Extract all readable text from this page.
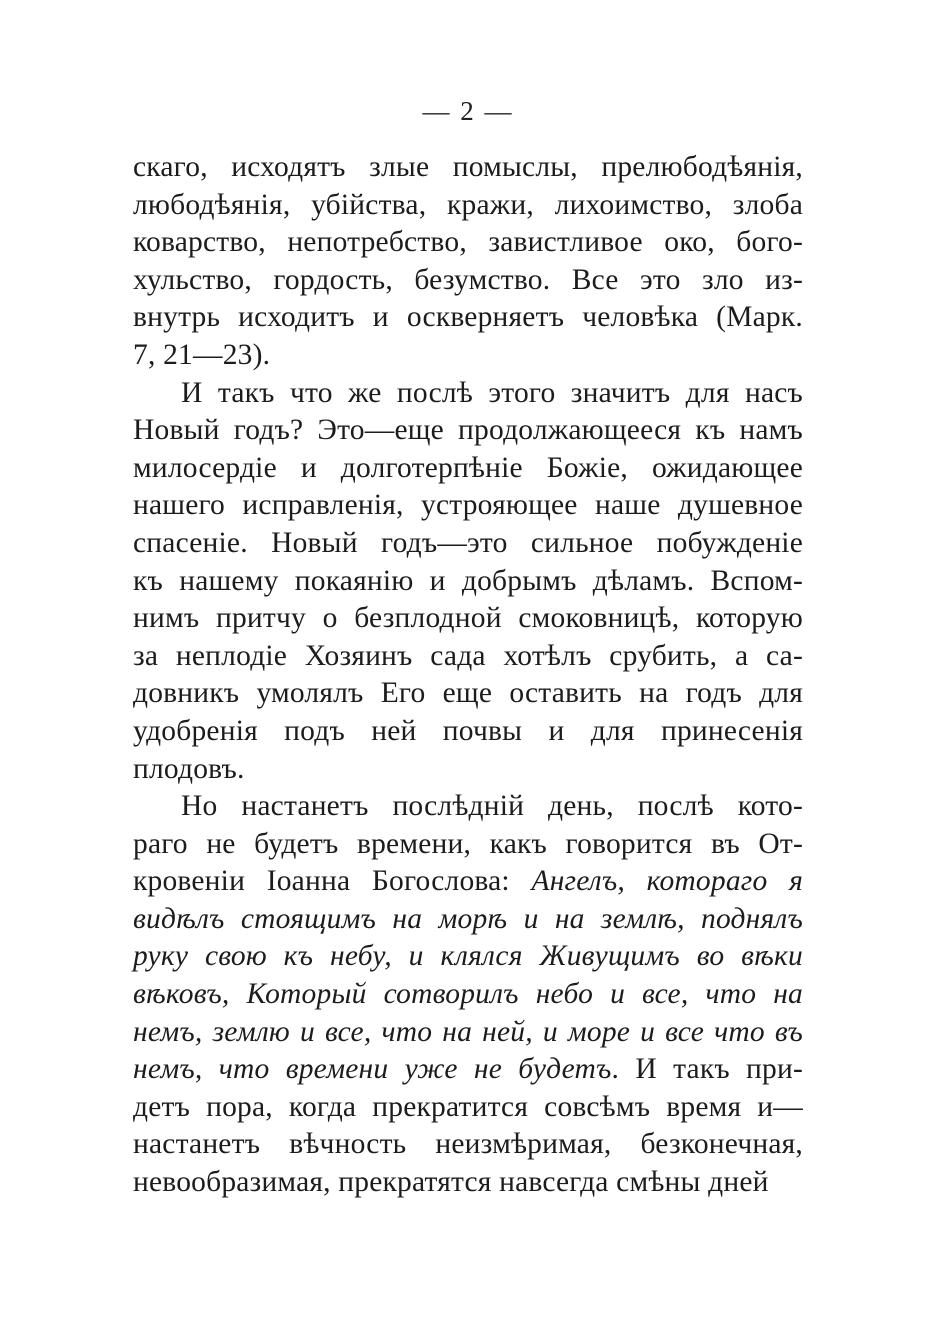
— 2 —
скаго, исходятъ злые помыслы, прелюбодѣянія,
любодѣянія, убійства, кражи, лихоимство, злоба
коварство, непотребство, завистливое око, бого-
хульство, гордость, безумство. Все это зло из-
внутрь исходитъ и оскверняетъ человѣка (Марк.
7, 21—23).
И такъ что же послѣ этого значитъ для насъ
Новый годъ? Это—еще продолжающееся къ намъ
милосердіе и долготерпѣніе Божіе, ожидающее
нашего исправленія, устрояющее наше душевное
спасеніе. Новый годъ—это сильное побужденіе
къ нашему покаянію и добрымъ дѣламъ. Вспом-
нимъ притчу о безплодной смоковницѣ, которую
за неплодіе Хозяинъ сада хотѣлъ срубить, а са-
довникъ умолялъ Его еще оставить на годъ для
удобренія подъ ней почвы и для принесенія
плодовъ.
Но настанетъ послѣдній день, послѣ кото-
раго не будетъ времени, какъ говорится въ От-
кровеніи Іоанна Богослова: Ангелъ, котораго я
видѣлъ стоящимъ на морѣ и на землѣ, поднялъ
руку свою къ небу, и клялся Живущимъ во вѣки
вѣковъ, Который сотворилъ небо и все, что на
немъ, землю и все, что на ней, и море и все что въ
немъ, что времени уже не будетъ. И такъ при-
детъ пора, когда прекратится совсѣмъ время и—
настанетъ вѣчность неизмѣримая, безконечная,
невообразимая, прекратятся навсегда смѣны дней
